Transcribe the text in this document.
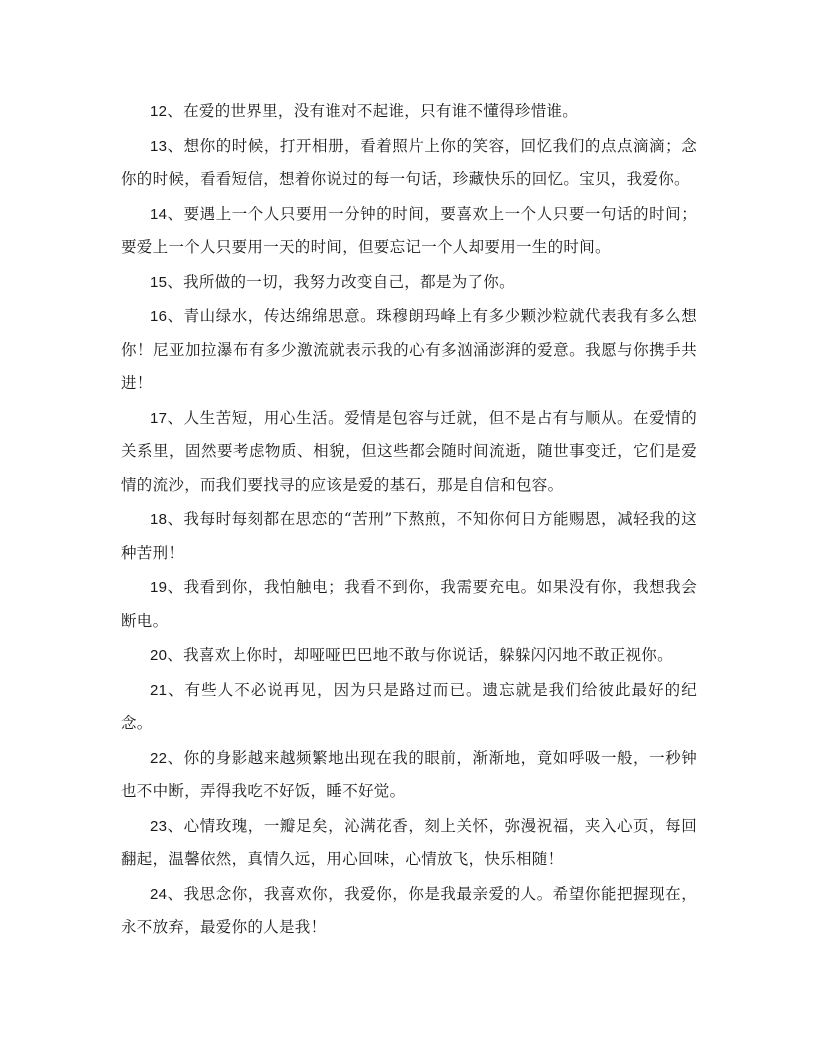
12、在爱的世界里，没有谁对不起谁，只有谁不懂得珍惜谁。

13、想你的时候，打开相册，看着照片上你的笑容，回忆我们的点点滴滴；念你的时候，看看短信，想着你说过的每一句话，珍藏快乐的回忆。宝贝，我爱你。

14、要遇上一个人只要用一分钟的时间，要喜欢上一个人只要一句话的时间；要爱上一个人只要用一天的时间，但要忘记一个人却要用一生的时间。

15、我所做的一切，我努力改变自己，都是为了你。

16、青山绿水，传达绵绵思意。珠穆朗玛峰上有多少颗沙粒就代表我有多么想你！尼亚加拉瀑布有多少激流就表示我的心有多汹涌澎湃的爱意。我愿与你携手共进！

17、人生苦短，用心生活。爱情是包容与迁就，但不是占有与顺从。在爱情的关系里，固然要考虑物质、相貌，但这些都会随时间流逝，随世事变迁，它们是爱情的流沙，而我们要找寻的应该是爱的基石，那是自信和包容。

18、我每时每刻都在思恋的“苦刑”下熬煎，不知你何日方能赐恩，减轻我的这种苦刑！

19、我看到你，我怕触电；我看不到你，我需要充电。如果没有你，我想我会断电。

20、我喜欢上你时，却哑哑巴巴地不敢与你说话，躲躲闪闪地不敢正视你。

21、有些人不必说再见，因为只是路过而已。遗忘就是我们给彼此最好的纪念。

22、你的身影越来越频繁地出现在我的眼前，渐渐地，竟如呼吸一般，一秒钟也不中断，弄得我吃不好饭，睡不好觉。

23、心情玫瑰，一瓣足矣，沁满花香，刻上关怀，弥漫祝福，夹入心页，每回翻起，温馨依然，真情久远，用心回味，心情放飞，快乐相随！

24、我思念你，我喜欢你，我爱你，你是我最亲爱的人。希望你能把握现在，永不放弃，最爱你的人是我！
